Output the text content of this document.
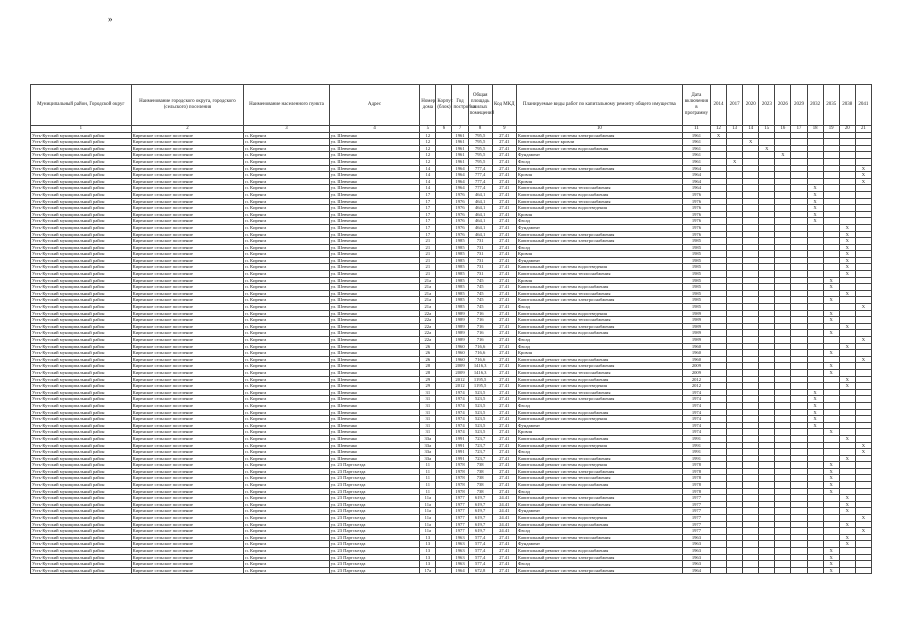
»
Муниципальный район, Городской округ	Наименование городского округа, городского (сельского) поселения	Наименование населенного пункта	Адрес	Номер дома	Корпус (блок)	Год постройки	Общая площадь жилых помещений	Код МКД	Планируемые виды работ по капитальному ремонту общего имущества	Дата включения в программу	2014	2017	2020	2023	2026	2029	2032	2035	2038	2041
1	2	3	4	5	6	7	8	9	10	11	12	13	14	15	16	17	18	19	20	21
Усть-Кутский муниципальный район	Киренское сельское поселение	п. Киренга	ул. Шевченко	12		1961	795,5	27.41	Капитальный ремонт системы электроснабжения	1961	X									
Усть-Кутский муниципальный район	Киренское сельское поселение	п. Киренга	ул. Шевченко	12		1961	795,5	27.41	Капитальный ремонт кровли	1961			X							
Усть-Кутский муниципальный район	Киренское сельское поселение	п. Киренга	ул. Шевченко	12		1961	795,5	27.41	Капитальный ремонт системы водоснабжения	1961				X						
Усть-Кутский муниципальный район	Киренское сельское поселение	п. Киренга	ул. Шевченко	12		1961	795,5	27.41	Фундамент	1961					X					
Усть-Кутский муниципальный район	Киренское сельское поселение	п. Киренга	ул. Шевченко	12		1961	795,5	27.41	Фасад	1961		X								
Усть-Кутский муниципальный район	Киренское сельское поселение	п. Киренга	ул. Шевченко	14		1964	777,4	27.41	Капитальный ремонт системы электроснабжения	1964										X
Усть-Кутский муниципальный район	Киренское сельское поселение	п. Киренга	ул. Шевченко	14		1964	777,4	27.41	Кровля	1964										X
Усть-Кутский муниципальный район	Киренское сельское поселение	п. Киренга	ул. Шевченко	14		1964	777,4	27.41	Кровля	1964										X
Усть-Кутский муниципальный район	Киренское сельское поселение	п. Киренга	ул. Шевченко	14		1964	777,4	27.41	Капитальный ремонт системы теплоснабжения	1964							X			
Усть-Кутский муниципальный район	Киренское сельское поселение	п. Киренга	ул. Шевченко	17		1976	464,1	27.41	Капитальный ремонт системы водоснабжения	1976							X			
Усть-Кутский муниципальный район	Киренское сельское поселение	п. Киренга	ул. Шевченко	17		1976	464,1	27.41	Капитальный ремонт системы теплоснабжения	1976							X			
Усть-Кутский муниципальный район	Киренское сельское поселение	п. Киренга	ул. Шевченко	17		1976	464,1	27.41	Капитальный ремонт системы водоотведения	1976							X			
Усть-Кутский муниципальный район	Киренское сельское поселение	п. Киренга	ул. Шевченко	17		1976	464,1	27.41	Кровля	1976							X			
Усть-Кутский муниципальный район	Киренское сельское поселение	п. Киренга	ул. Шевченко	17		1976	464,1	27.41	Фасад	1976							X			
Усть-Кутский муниципальный район	Киренское сельское поселение	п. Киренга	ул. Шевченко	17		1976	464,1	27.41	Фундамент	1976									X	
Усть-Кутский муниципальный район	Киренское сельское поселение	п. Киренга	ул. Шевченко	17		1976	464,1	27.41	Капитальный ремонт системы электроснабжения	1976									X	
Усть-Кутский муниципальный район	Киренское сельское поселение	п. Киренга	ул. Шевченко	21		1985	731	27.41	Капитальный ремонт системы электроснабжения	1985									X	
Усть-Кутский муниципальный район	Киренское сельское поселение	п. Киренга	ул. Шевченко	21		1985	731	27.41	Фасад	1985									X	
Усть-Кутский муниципальный район	Киренское сельское поселение	п. Киренга	ул. Шевченко	21		1985	731	27.41	Кровля	1985									X	
Усть-Кутский муниципальный район	Киренское сельское поселение	п. Киренга	ул. Шевченко	21		1985	731	27.41	Фундамент	1985									X	
Усть-Кутский муниципальный район	Киренское сельское поселение	п. Киренга	ул. Шевченко	21		1985	731	27.41	Капитальный ремонт системы водоотведения	1985									X	
Усть-Кутский муниципальный район	Киренское сельское поселение	п. Киренга	ул. Шевченко	21		1985	731	27.41	Капитальный ремонт системы теплоснабжения	1985									X	
Усть-Кутский муниципальный район	Киренское сельское поселение	п. Киренга	ул. Шевченко	21а		1985	745	27.41	Кровля	1985								X		
Усть-Кутский муниципальный район	Киренское сельское поселение	п. Киренга	ул. Шевченко	21а		1985	745	27.41	Капитальный ремонт системы водоснабжения	1985								X		
Усть-Кутский муниципальный район	Киренское сельское поселение	п. Киренга	ул. Шевченко	21а		1985	745	27.41	Капитальный ремонт системы теплоснабжения	1985									X	
Усть-Кутский муниципальный район	Киренское сельское поселение	п. Киренга	ул. Шевченко	21а		1985	745	27.41	Капитальный ремонт системы электроснабжения	1985								X		
Усть-Кутский муниципальный район	Киренское сельское поселение	п. Киренга	ул. Шевченко	21а		1985	745	27.41	Фасад	1985										X
Усть-Кутский муниципальный район	Киренское сельское поселение	п. Киренга	ул. Шевченко	22а		1989	716	27.41	Капитальный ремонт системы водоотведения	1989								X		
Усть-Кутский муниципальный район	Киренское сельское поселение	п. Киренга	ул. Шевченко	22а		1989	716	27.41	Капитальный ремонт системы теплоснабжения	1989								X		
Усть-Кутский муниципальный район	Киренское сельское поселение	п. Киренга	ул. Шевченко	22а		1989	716	27.41	Капитальный ремонт системы электроснабжения	1989									X	
Усть-Кутский муниципальный район	Киренское сельское поселение	п. Киренга	ул. Шевченко	22а		1989	716	27.41	Капитальный ремонт системы водоснабжения	1989								X		
Усть-Кутский муниципальный район	Киренское сельское поселение	п. Киренга	ул. Шевченко	22а		1989	716	27.41	Фасад	1989										X
Усть-Кутский муниципальный район	Киренское сельское поселение	п. Киренга	ул. Шевченко	26		1960	716,6	27.41	Фасад	1960									X	
Усть-Кутский муниципальный район	Киренское сельское поселение	п. Киренга	ул. Шевченко	26		1960	716,6	27.41	Кровля	1960								X		
Усть-Кутский муниципальный район	Киренское сельское поселение	п. Киренга	ул. Шевченко	26		1960	716,6	27.41	Капитальный ремонт системы водоснабжения	1960										X
Усть-Кутский муниципальный район	Киренское сельское поселение	п. Киренга	ул. Шевченко	28		2009	1416,3	27.41	Капитальный ремонт системы электроснабжения	2009								X		
Усть-Кутский муниципальный район	Киренское сельское поселение	п. Киренга	ул. Шевченко	28		2009	1416,3	27.41	Капитальный ремонт системы теплоснабжения	2009								X		
Усть-Кутский муниципальный район	Киренское сельское поселение	п. Киренга	ул. Шевченко	29		2012	1195,5	27.41	Капитальный ремонт системы водоснабжения	2012									X	
Усть-Кутский муниципальный район	Киренское сельское поселение	п. Киренга	ул. Шевченко	29		2012	1195,5	27.41	Капитальный ремонт системы водоотведения	2012									X	
Усть-Кутский муниципальный район	Киренское сельское поселение	п. Киренга	ул. Шевченко	31		1974	523,5	27.41	Капитальный ремонт системы теплоснабжения	1974							X			
Усть-Кутский муниципальный район	Киренское сельское поселение	п. Киренга	ул. Шевченко	31		1974	523,5	27.41	Капитальный ремонт системы электроснабжения	1974							X			
Усть-Кутский муниципальный район	Киренское сельское поселение	п. Киренга	ул. Шевченко	31		1974	523,5	27.41	Фасад	1974							X			
Усть-Кутский муниципальный район	Киренское сельское поселение	п. Киренга	ул. Шевченко	31		1974	523,5	27.41	Капитальный ремонт системы водоснабжения	1974							X			
Усть-Кутский муниципальный район	Киренское сельское поселение	п. Киренга	ул. Шевченко	31		1974	523,5	27.41	Капитальный ремонт системы водоотведения	1974							X			
Усть-Кутский муниципальный район	Киренское сельское поселение	п. Киренга	ул. Шевченко	31		1974	523,5	27.41	Фундамент	1974							X			
Усть-Кутский муниципальный район	Киренское сельское поселение	п. Киренга	ул. Шевченко	31		1974	523,5	27.41	Кровля	1974								X		
Усть-Кутский муниципальный район	Киренское сельское поселение	п. Киренга	ул. Шевченко	33а		1991	723,7	27.41	Капитальный ремонт системы водоснабжения	1991									X	
Усть-Кутский муниципальный район	Киренское сельское поселение	п. Киренга	ул. Шевченко	33а		1991	723,7	27.41	Капитальный ремонт системы водоотведения	1991										X
Усть-Кутский муниципальный район	Киренское сельское поселение	п. Киренга	ул. Шевченко	33а		1991	723,7	27.41	Фасад	1991										X
Усть-Кутский муниципальный район	Киренское сельское поселение	п. Киренга	ул. Шевченко	33а		1991	723,7	27.41	Капитальный ремонт системы теплоснабжения	1991									X	
Усть-Кутский муниципальный район	Киренское сельское поселение	п. Киренга	ул. 23 Партсъезда	11		1978	738	27.41	Капитальный ремонт системы водоотведения	1978								X		
Усть-Кутский муниципальный район	Киренское сельское поселение	п. Киренга	ул. 23 Партсъезда	11		1978	738	27.41	Капитальный ремонт системы электроснабжения	1978								X		
Усть-Кутский муниципальный район	Киренское сельское поселение	п. Киренга	ул. 23 Партсъезда	11		1978	738	27.41	Капитальный ремонт системы теплоснабжения	1978								X		
Усть-Кутский муниципальный район	Киренское сельское поселение	п. Киренга	ул. 23 Партсъезда	11		1978	738	27.41	Капитальный ремонт системы водоснабжения	1978								X		
Усть-Кутский муниципальный район	Киренское сельское поселение	п. Киренга	ул. 23 Партсъезда	11		1978	738	27.41	Фасад	1978								X		
Усть-Кутский муниципальный район	Киренское сельское поселение	п. Киренга	ул. 23 Партсъезда	11а		1977	619,7	24.41	Капитальный ремонт системы электроснабжения	1977									X	
Усть-Кутский муниципальный район	Киренское сельское поселение	п. Киренга	ул. 23 Партсъезда	11а		1977	619,7	24.41	Капитальный ремонт системы теплоснабжения	1977									X	
Усть-Кутский муниципальный район	Киренское сельское поселение	п. Киренга	ул. 23 Партсъезда	11а		1977	619,7	24.41	Фундамент	1977									X	
Усть-Кутский муниципальный район	Киренское сельское поселение	п. Киренга	ул. 23 Партсъезда	11а		1977	619,7	24.41	Капитальный ремонт системы водоотведения	1977										X
Усть-Кутский муниципальный район	Киренское сельское поселение	п. Киренга	ул. 23 Партсъезда	11а		1977	619,7	24.41	Капитальный ремонт системы водоснабжения	1977									X	
Усть-Кутский муниципальный район	Киренское сельское поселение	п. Киренга	ул. 23 Партсъезда	11а		1977	619,7	24.41	Фасад	1977										X
Усть-Кутский муниципальный район	Киренское сельское поселение	п. Киренга	ул. 23 Партсъезда	13		1963	577,4	27.41	Капитальный ремонт системы теплоснабжения	1963									X	
Усть-Кутский муниципальный район	Киренское сельское поселение	п. Киренга	ул. 23 Партсъезда	13		1963	577,4	27.41	Фундамент	1963									X	
Усть-Кутский муниципальный район	Киренское сельское поселение	п. Киренга	ул. 23 Партсъезда	13		1963	577,4	27.41	Капитальный ремонт системы водоснабжения	1963								X		
Усть-Кутский муниципальный район	Киренское сельское поселение	п. Киренга	ул. 23 Партсъезда	13		1963	577,4	27.41	Капитальный ремонт системы электроснабжения	1963								X		
Усть-Кутский муниципальный район	Киренское сельское поселение	п. Киренга	ул. 23 Партсъезда	13		1963	577,4	27.41	Фасад	1963								X		
Усть-Кутский муниципальный район	Киренское сельское поселение	п. Киренга	ул. 23 Партсъезда	17а		1964	672,8	27.41	Капитальный ремонт системы электроснабжения	1964								X		
